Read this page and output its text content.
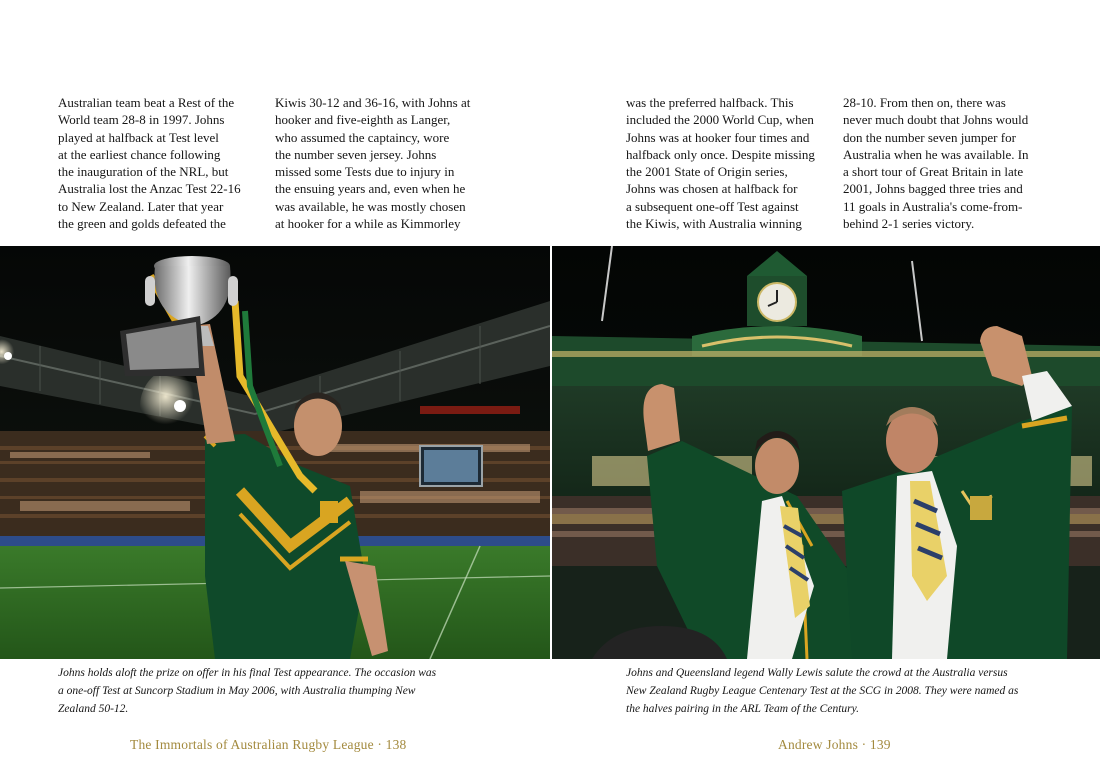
Australian team beat a Rest of the
World team 28-8 in 1997. Johns
played at halfback at Test level
at the earliest chance following
the inauguration of the NRL, but
Australia lost the Anzac Test 22-16
to New Zealand. Later that year
the green and golds defeated the
Kiwis 30-12 and 36-16, with Johns at
hooker and five-eighth as Langer,
who assumed the captaincy, wore
the number seven jersey. Johns
missed some Tests due to injury in
the ensuing years and, even when he
was available, he was mostly chosen
at hooker for a while as Kimmorley
Johns holds aloft the prize on offer in his final Test appearance. The occasion was
a one-off Test at Suncorp Stadium in May 2006, with Australia thumping New
Zealand 50-12.
The Immortals of Australian Rugby League · 138
was the preferred halfback. This
included the 2000 World Cup, when
Johns was at hooker four times and
halfback only once. Despite missing
the 2001 State of Origin series,
Johns was chosen at halfback for
a subsequent one-off Test against
the Kiwis, with Australia winning
28-10. From then on, there was
never much doubt that Johns would
don the number seven jumper for
Australia when he was available. In
a short tour of Great Britain in late
2001, Johns bagged three tries and
11 goals in Australia's come-from-
behind 2-1 series victory.
Johns and Queensland legend Wally Lewis salute the crowd at the Australia versus
New Zealand Rugby League Centenary Test at the SCG in 2008. They were named as
the halves pairing in the ARL Team of the Century.
Andrew Johns · 139
